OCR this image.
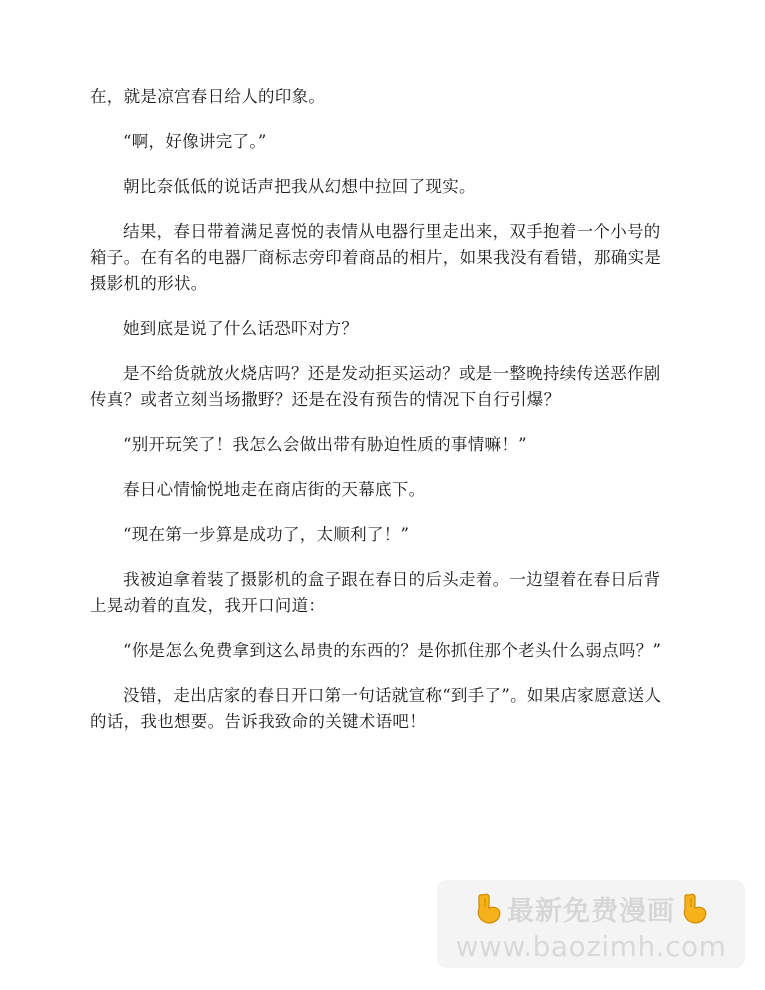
在，就是凉宫春日给人的印象。

“啊，好像讲完了。”

朝比奈低低的说话声把我从幻想中拉回了现实。

结果，春日带着满足喜悦的表情从电器行里走出来，双手抱着一个小号的箱子。在有名的电器厂商标志旁印着商品的相片，如果我没有看错，那确实是摄影机的形状。

她到底是说了什么话恐吓对方？

是不给货就放火烧店吗？还是发动拒买运动？或是一整晚持续传送恶作剧传真？或者立刻当场撒野？还是在没有预告的情况下自行引爆？

“别开玩笑了！我怎么会做出带有胁迫性质的事情嘛！”

春日心情愉悦地走在商店街的天幕底下。

“现在第一步算是成功了，太顺利了！”

我被迫拿着装了摄影机的盒子跟在春日的后头走着。一边望着在春日后背上晃动着的直发，我开口问道：

“你是怎么免费拿到这么昂贵的东西的？是你抓住那个老头什么弱点吗？”

没错，走出店家的春日开口第一句话就宣称“到手了”。如果店家愿意送人的话，我也想要。告诉我致命的关键术语吧！

最新免费漫画
www.baozimh.com
